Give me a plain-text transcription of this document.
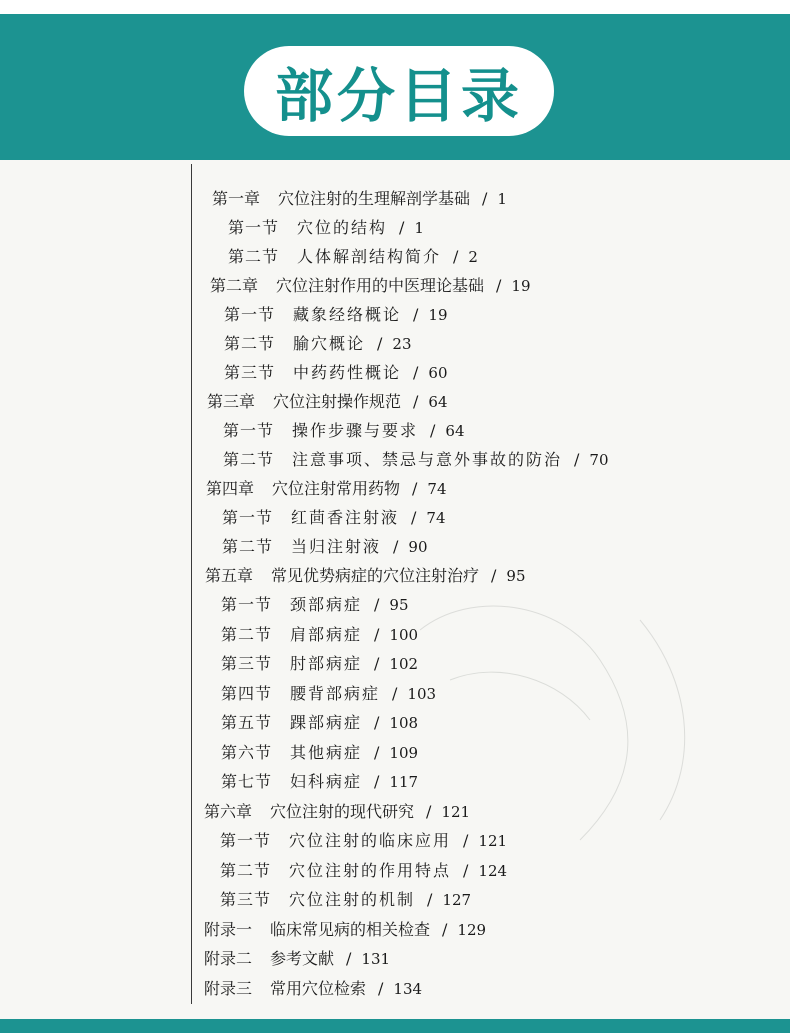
部分目录
第一章 穴位注射的生理解剖学基础 / 1
第一节 穴位的结构 / 1
第二节 人体解剖结构简介 / 2
第二章 穴位注射作用的中医理论基础 / 19
第一节 藏象经络概论 / 19
第二节 腧穴概论 / 23
第三节 中药药性概论 / 60
第三章 穴位注射操作规范 / 64
第一节 操作步骤与要求 / 64
第二节 注意事项、禁忌与意外事故的防治 / 70
第四章 穴位注射常用药物 / 74
第一节 红茴香注射液 / 74
第二节 当归注射液 / 90
第五章 常见优势病症的穴位注射治疗 / 95
第一节 颈部病症 / 95
第二节 肩部病症 / 100
第三节 肘部病症 / 102
第四节 腰背部病症 / 103
第五节 踝部病症 / 108
第六节 其他病症 / 109
第七节 妇科病症 / 117
第六章 穴位注射的现代研究 / 121
第一节 穴位注射的临床应用 / 121
第二节 穴位注射的作用特点 / 124
第三节 穴位注射的机制 / 127
附录一 临床常见病的相关检查 / 129
附录二 参考文献 / 131
附录三 常用穴位检索 / 134
